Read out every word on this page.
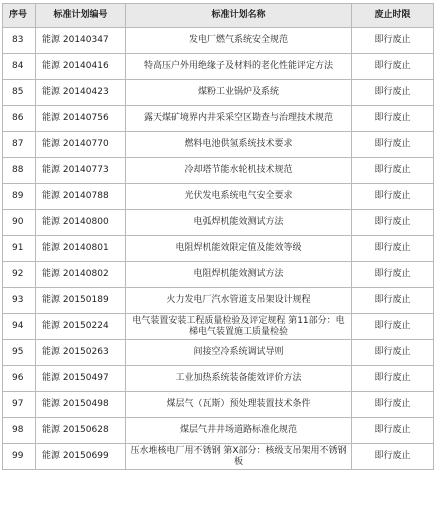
序号	标准计划编号	标准计划名称	废止时限
83	能源 20140347	发电厂燃气系统安全规范	即行废止
84	能源 20140416	特高压户外用绝缘子及材料的老化性能评定方法	即行废止
85	能源 20140423	煤粉工业锅炉及系统	即行废止
86	能源 20140756	露天煤矿境界内井采采空区勘查与治理技术规范	即行废止
87	能源 20140770	燃料电池供氢系统技术要求	即行废止
88	能源 20140773	冷却塔节能水轮机技术规范	即行废止
89	能源 20140788	光伏发电系统电气安全要求	即行废止
90	能源 20140800	电弧焊机能效测试方法	即行废止
91	能源 20140801	电阻焊机能效限定值及能效等级	即行废止
92	能源 20140802	电阻焊机能效测试方法	即行废止
93	能源 20150189	火力发电厂汽水管道支吊架设计规程	即行废止
94	能源 20150224	电气装置安装工程质量检验及评定规程 第11部分：电梯电气装置施工质量检验	即行废止
95	能源 20150263	间接空冷系统调试导则	即行废止
96	能源 20150497	工业加热系统装备能效评价方法	即行废止
97	能源 20150498	煤层气（瓦斯）预处理装置技术条件	即行废止
98	能源 20150628	煤层气井井场道路标准化规范	即行废止
99	能源 20150699	压水堆核电厂用不锈钢 第X部分：核级支吊架用不锈钢板	即行废止
